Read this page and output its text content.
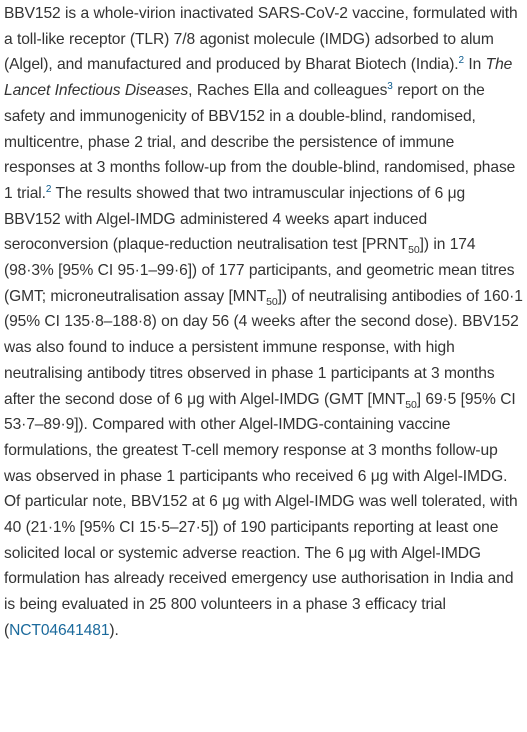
BBV152 is a whole-virion inactivated SARS-CoV-2 vaccine, formulated with a toll-like receptor (TLR) 7/8 agonist molecule (IMDG) adsorbed to alum (Algel), and manufactured and produced by Bharat Biotech (India).$^2$ In The Lancet Infectious Diseases, Raches Ella and colleagues$^3$ report on the safety and immunogenicity of BBV152 in a double-blind, randomised, multicentre, phase 2 trial, and describe the persistence of immune responses at 3 months follow-up from the double-blind, randomised, phase 1 trial.$^2$ The results showed that two intramuscular injections of 6 μg BBV152 with Algel-IMDG administered 4 weeks apart induced seroconversion (plaque-reduction neutralisation test $[PRNT_{50}]$) in 174 (98·3% [95% CI 95·1–99·6]) of 177 participants, and geometric mean titres (GMT; microneutralisation assay $[MNT_{50}]$) of neutralising antibodies of 160·1 (95% CI 135·8–188·8) on day 56 (4 weeks after the second dose). BBV152 was also found to induce a persistent immune response, with high neutralising antibody titres observed in phase 1 participants at 3 months after the second dose of 6 μg with Algel-IMDG (GMT $[MNT_{50}]$ 69·5 [95% CI 53·7–89·9]). Compared with other Algel-IMDG-containing vaccine formulations, the greatest T-cell memory response at 3 months follow-up was observed in phase 1 participants who received 6 μg with Algel-IMDG. Of particular note, BBV152 at 6 μg with Algel-IMDG was well tolerated, with 40 (21·1% [95% CI 15·5–27·5]) of 190 participants reporting at least one solicited local or systemic adverse reaction. The 6 μg with Algel-IMDG formulation has already received emergency use authorisation in India and is being evaluated in 25 800 volunteers in a phase 3 efficacy trial (NCT04641481).
